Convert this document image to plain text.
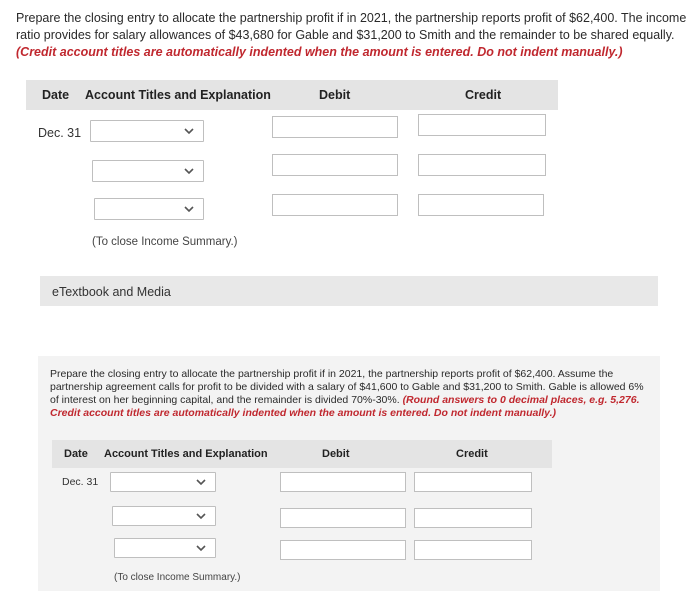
Prepare the closing entry to allocate the partnership profit if in 2021, the partnership reports profit of $62,400. The income ratio provides for salary allowances of $43,680 for Gable and $31,200 to Smith and the remainder to be shared equally. (Credit account titles are automatically indented when the amount is entered. Do not indent manually.)
Date Account Titles and Explanation	Debit	Credit
Dec. 31
(To close Income Summary.)
eTextbook and Media
Prepare the closing entry to allocate the partnership profit if in 2021, the partnership reports profit of $62,400. Assume the partnership agreement calls for profit to be divided with a salary of $41,600 to Gable and $31,200 to Smith. Gable is allowed 6% of interest on her beginning capital, and the remainder is divided 70%-30%. (Round answers to 0 decimal places, e.g. 5,276. Credit account titles are automatically indented when the amount is entered. Do not indent manually.)
Date Account Titles and Explanation	Debit	Credit
Dec. 31
(To close Income Summary.)
